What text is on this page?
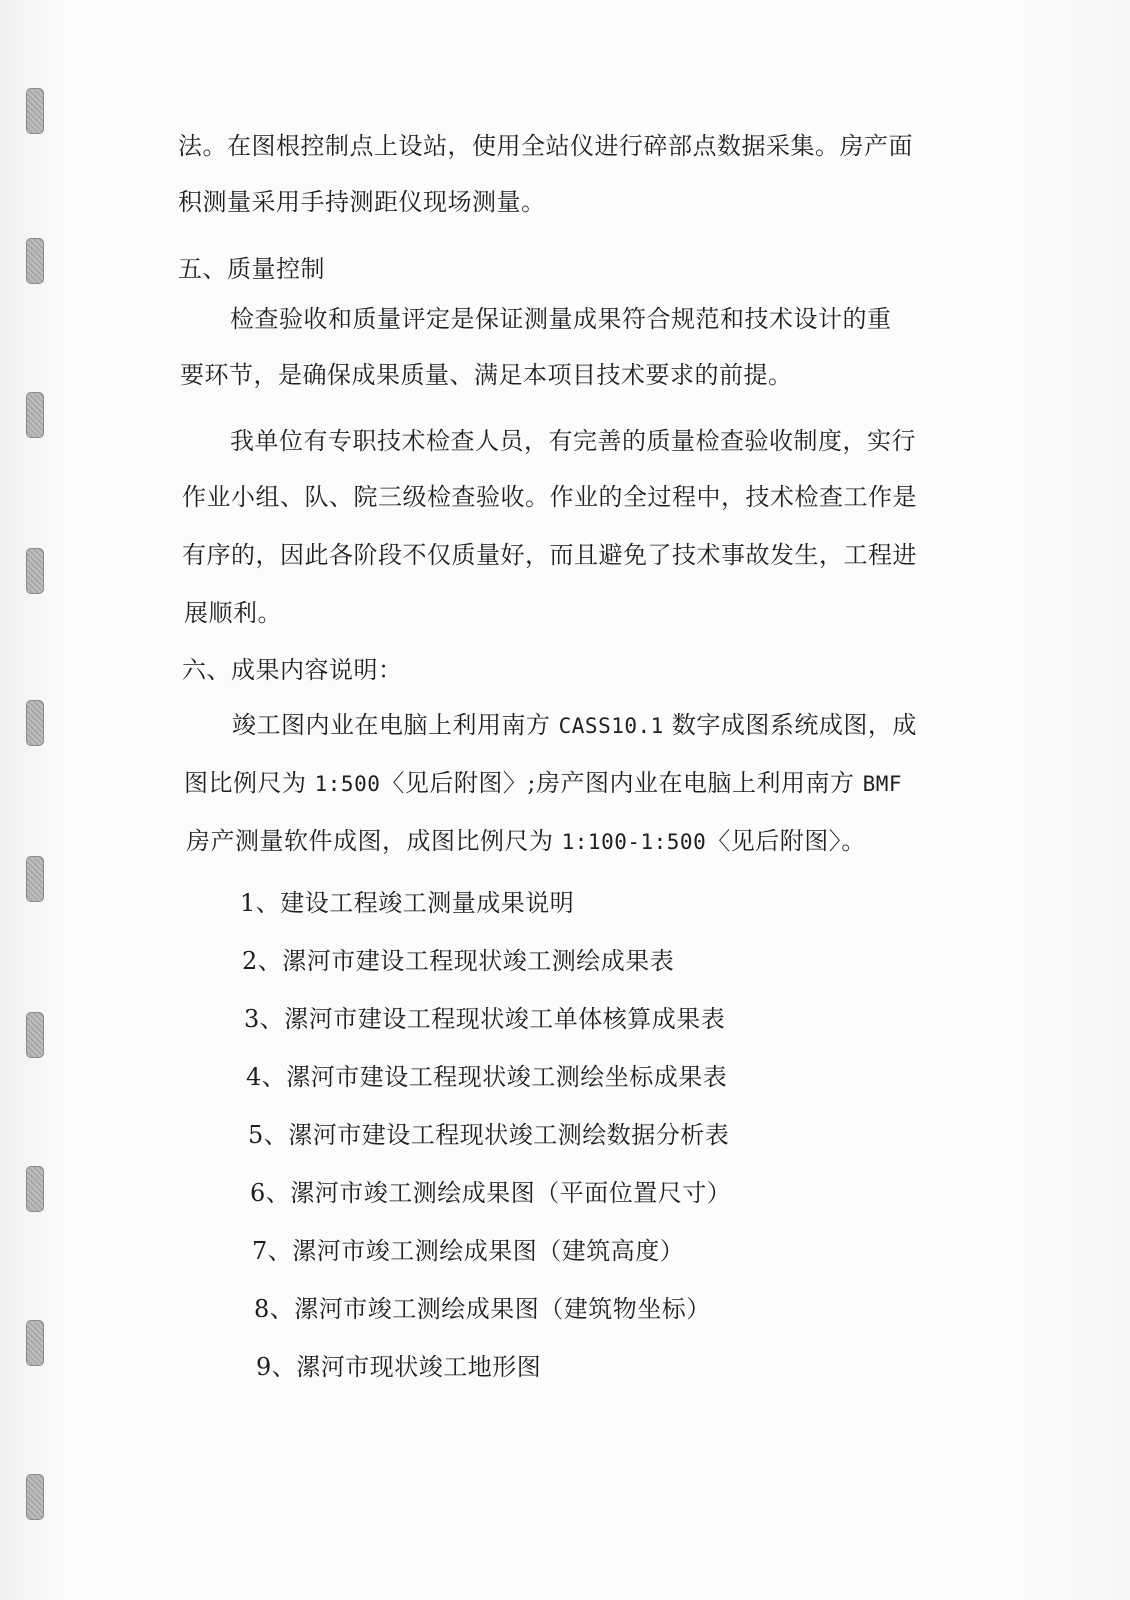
法。在图根控制点上设站，使用全站仪进行碎部点数据采集。房产面
积测量采用手持测距仪现场测量。
五、质量控制
检查验收和质量评定是保证测量成果符合规范和技术设计的重
要环节，是确保成果质量、满足本项目技术要求的前提。
我单位有专职技术检查人员，有完善的质量检查验收制度，实行
作业小组、队、院三级检查验收。作业的全过程中，技术检查工作是
有序的，因此各阶段不仅质量好，而且避免了技术事故发生，工程进
展顺利。
六、成果内容说明：
竣工图内业在电脑上利用南方 CASS10.1 数字成图系统成图，成
图比例尺为 1:500〈见后附图〉;房产图内业在电脑上利用南方 BMF
房产测量软件成图，成图比例尺为 1:100-1:500〈见后附图〉。
1、建设工程竣工测量成果说明
2、漯河市建设工程现状竣工测绘成果表
3、漯河市建设工程现状竣工单体核算成果表
4、漯河市建设工程现状竣工测绘坐标成果表
5、漯河市建设工程现状竣工测绘数据分析表
6、漯河市竣工测绘成果图（平面位置尺寸）
7、漯河市竣工测绘成果图（建筑高度）
8、漯河市竣工测绘成果图（建筑物坐标）
9、漯河市现状竣工地形图
